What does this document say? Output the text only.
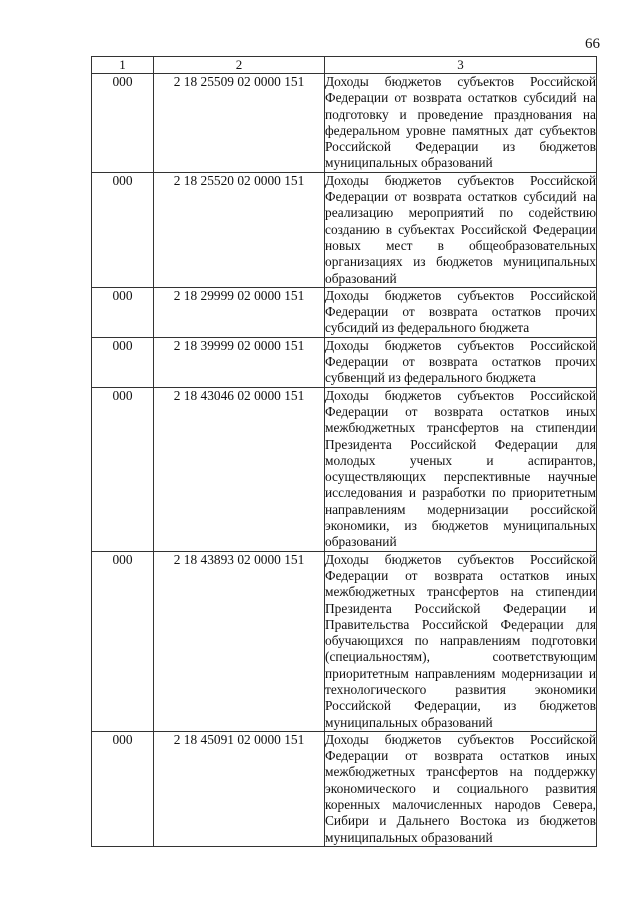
66
1	2	3
000	2 18 25509 02 0000 151	Доходы бюджетов субъектов Российской Федерации от возврата остатков субсидий на подготовку и проведение празднования на федеральном уровне памятных дат субъектов Российской Федерации из бюджетов муниципальных образований
000	2 18 25520 02 0000 151	Доходы бюджетов субъектов Российской Федерации от возврата остатков субсидий на реализацию мероприятий по содействию созданию в субъектах Российской Федерации новых мест в общеобразовательных организациях из бюджетов муниципальных образований
000	2 18 29999 02 0000 151	Доходы бюджетов субъектов Российской Федерации от возврата остатков прочих субсидий из федерального бюджета
000	2 18 39999 02 0000 151	Доходы бюджетов субъектов Российской Федерации от возврата остатков прочих субвенций из федерального бюджета
000	2 18 43046 02 0000 151	Доходы бюджетов субъектов Российской Федерации от возврата остатков иных межбюджетных трансфертов на стипендии Президента Российской Федерации для молодых ученых и аспирантов, осуществляющих перспективные научные исследования и разработки по приоритетным направлениям модернизации российской экономики, из бюджетов муниципальных образований
000	2 18 43893 02 0000 151	Доходы бюджетов субъектов Российской Федерации от возврата остатков иных межбюджетных трансфертов на стипендии Президента Российской Федерации и Правительства Российской Федерации для обучающихся по направлениям подготовки (специальностям), соответствующим приоритетным направлениям модернизации и технологического развития экономики Российской Федерации, из бюджетов муниципальных образований
000	2 18 45091 02 0000 151	Доходы бюджетов субъектов Российской Федерации от возврата остатков иных межбюджетных трансфертов на поддержку экономического и социального развития коренных малочисленных народов Севера, Сибири и Дальнего Востока из бюджетов муниципальных образований
